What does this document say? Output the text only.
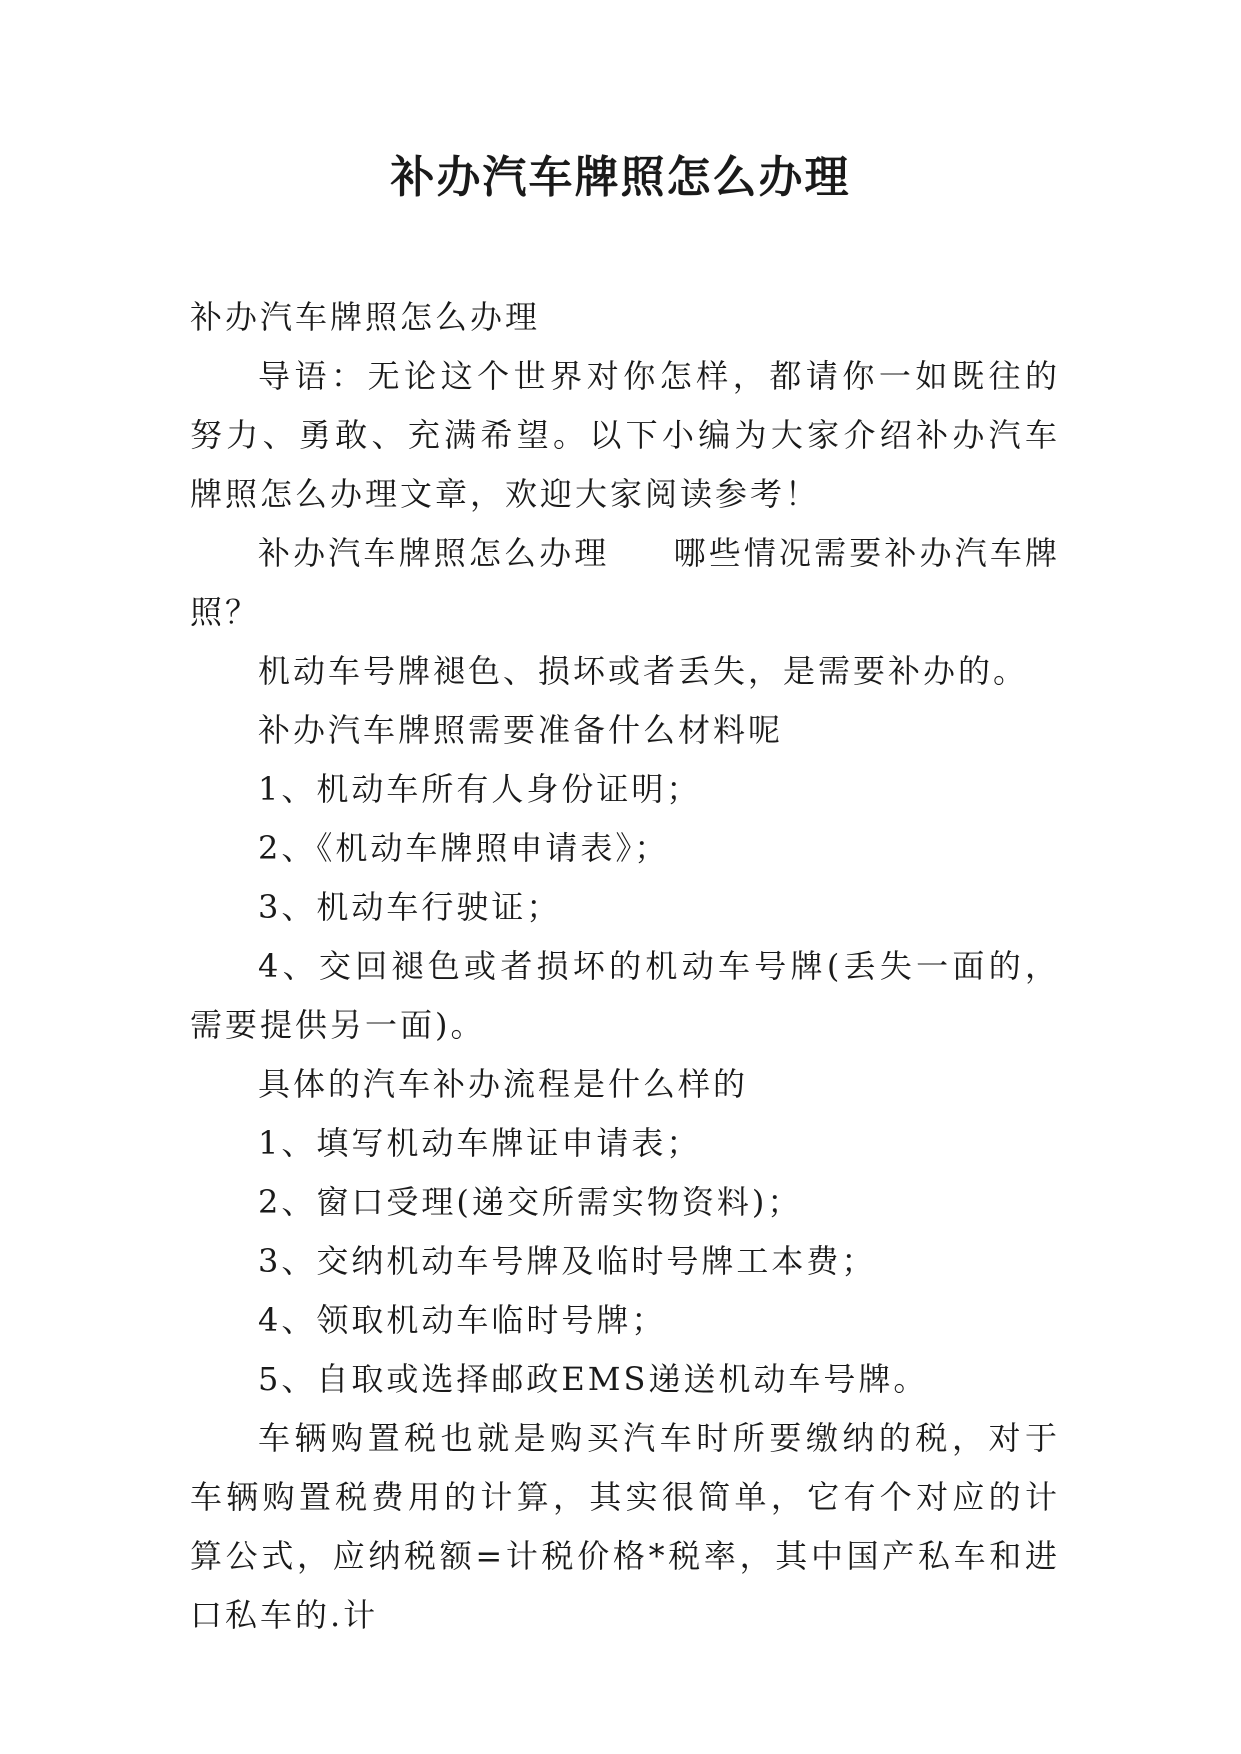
补办汽车牌照怎么办理

补办汽车牌照怎么办理

导语：无论这个世界对你怎样，都请你一如既往的努力、勇敢、充满希望。以下小编为大家介绍补办汽车牌照怎么办理文章，欢迎大家阅读参考！

补办汽车牌照怎么办理 哪些情况需要补办汽车牌照？

机动车号牌褪色、损坏或者丢失，是需要补办的。

补办汽车牌照需要准备什么材料呢

1、机动车所有人身份证明；

2、《机动车牌照申请表》；

3、机动车行驶证；

4、交回褪色或者损坏的机动车号牌(丢失一面的，需要提供另一面)。

具体的汽车补办流程是什么样的

1、填写机动车牌证申请表；

2、窗口受理(递交所需实物资料)；

3、交纳机动车号牌及临时号牌工本费；

4、领取机动车临时号牌；

5、自取或选择邮政EMS递送机动车号牌。

车辆购置税也就是购买汽车时所要缴纳的税，对于车辆购置税费用的计算，其实很简单，它有个对应的计算公式，应纳税额=计税价格*税率，其中国产私车和进口私车的.计
